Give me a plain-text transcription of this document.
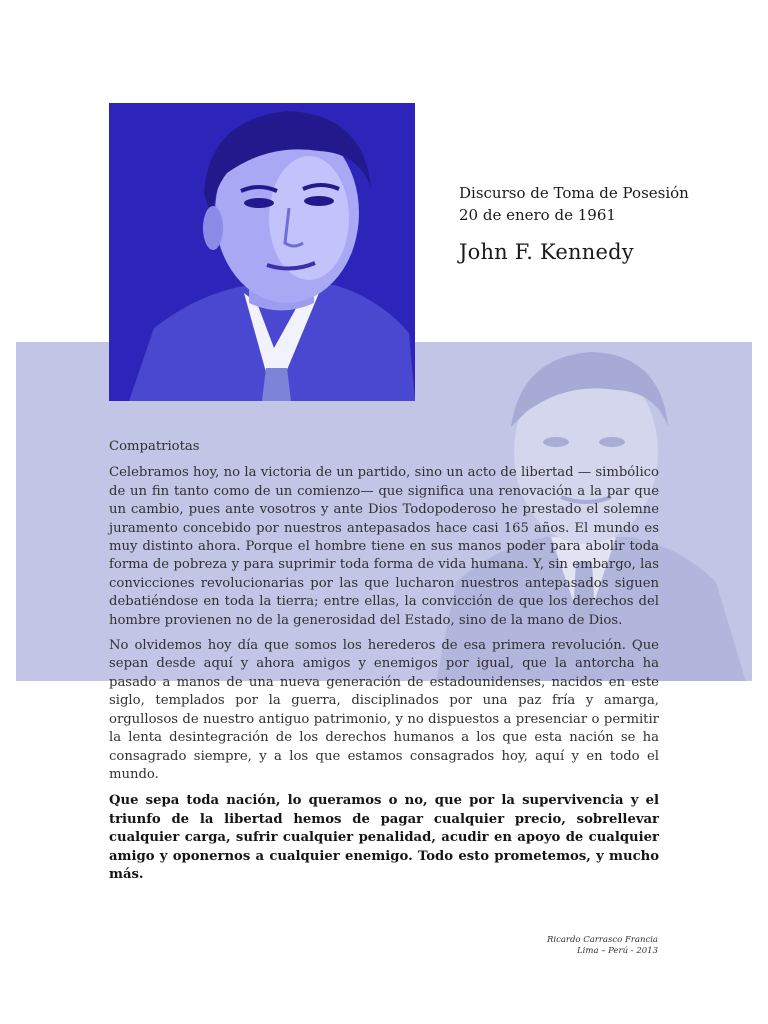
Discurso de Toma de Posesión
20 de enero de 1961
John F. Kennedy

Compatriotas

Celebramos hoy, no la victoria de un partido, sino un acto de libertad — simbólico de un fin tanto como de un comienzo— que significa una renovación a la par que un cambio, pues ante vosotros y ante Dios Todopoderoso he prestado el solemne juramento concebido por nuestros antepasados hace casi 165 años. El mundo es muy distinto ahora. Porque el hombre tiene en sus manos poder para abolir toda forma de pobreza y para suprimir toda forma de vida humana. Y, sin embargo, las convicciones revolucionarias por las que lucharon nuestros antepasados siguen debatiéndose en toda la tierra; entre ellas, la convicción de que los derechos del hombre provienen no de la generosidad del Estado, sino de la mano de Dios.

No olvidemos hoy día que somos los herederos de esa primera revolución. Que sepan desde aquí y ahora amigos y enemigos por igual, que la antorcha ha pasado a manos de una nueva generación de estadounidenses, nacidos en este siglo, templados por la guerra, disciplinados por una paz fría y amarga, orgullosos de nuestro antiguo patrimonio, y no dispuestos a presenciar o permitir la lenta desintegración de los derechos humanos a los que esta nación se ha consagrado siempre, y a los que estamos consagrados hoy, aquí y en todo el mundo.

Que sepa toda nación, lo queramos o no, que por la supervivencia y el triunfo de la libertad hemos de pagar cualquier precio, sobrellevar cualquier carga, sufrir cualquier penalidad, acudir en apoyo de cualquier amigo y oponernos a cualquier enemigo. Todo esto prometemos, y mucho más.

Ricardo Carrasco Francia
Lima – Perú - 2013
